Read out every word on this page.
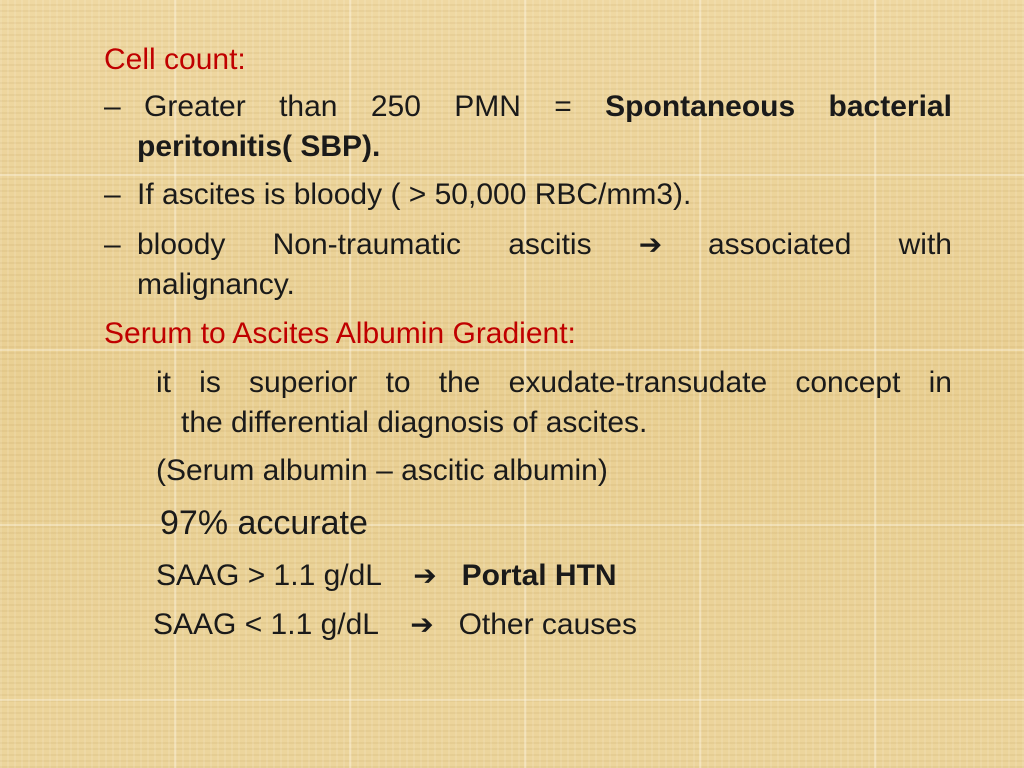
Cell count:
– Greater than 250 PMN = Spontaneous bacterial
peritonitis( SBP).
– If ascites is bloody ( > 50,000 RBC/mm3).
– bloody Non-traumatic ascitis ➔ associated with
malignancy.
Serum to Ascites Albumin Gradient:
it is superior to the exudate-transudate concept in
the differential diagnosis of ascites.
(Serum albumin – ascitic albumin)
97% accurate
SAAG > 1.1 g/dL ➔ Portal HTN
SAAG < 1.1 g/dL ➔ Other causes
